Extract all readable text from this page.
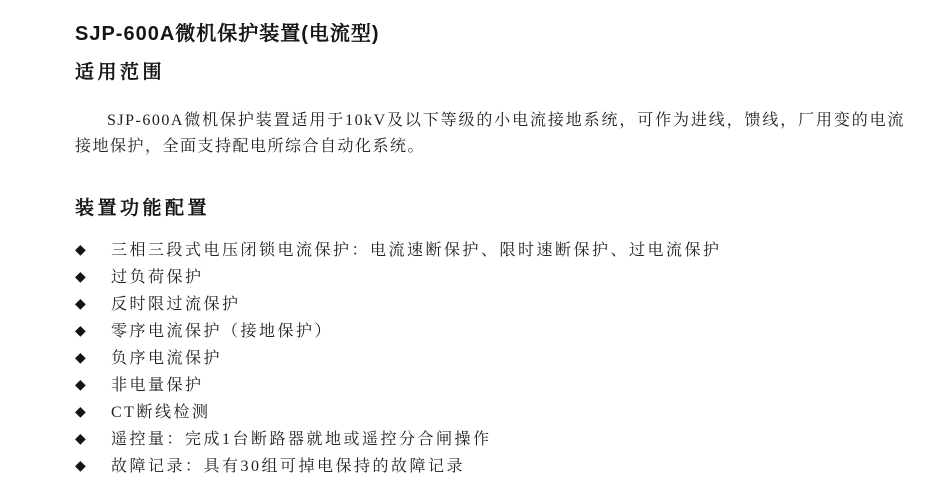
SJP-600A微机保护装置(电流型)
适用范围

SJP-600A微机保护装置适用于10kV及以下等级的小电流接地系统，可作为进线，馈线，厂用变的电流接地保护，全面支持配电所综合自动化系统。

装置功能配置
◆	三相三段式电压闭锁电流保护：电流速断保护、限时速断保护、过电流保护
◆	过负荷保护
◆	反时限过流保护
◆	零序电流保护（接地保护）
◆	负序电流保护
◆	非电量保护
◆	CT断线检测
◆	遥控量：完成1台断路器就地或遥控分合闸操作
◆	故障记录：具有30组可掉电保持的故障记录
